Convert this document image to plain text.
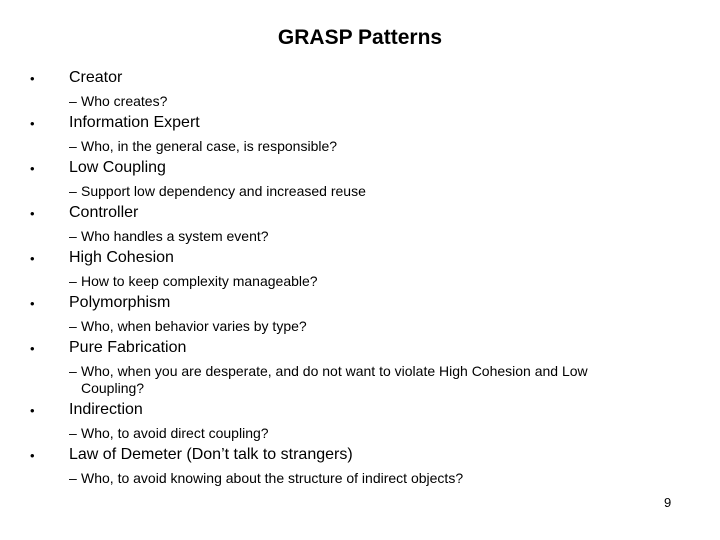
GRASP Patterns
• Creator
– Who creates?
• Information Expert
– Who, in the general case, is responsible?
• Low Coupling
– Support low dependency and increased reuse
• Controller
– Who handles a system event?
• High Cohesion
– How to keep complexity manageable?
• Polymorphism
– Who, when behavior varies by type?
• Pure Fabrication
– Who, when you are desperate, and do not want to violate High Cohesion and Low Coupling?
• Indirection
– Who, to avoid direct coupling?
• Law of Demeter (Don’t talk to strangers)
– Who, to avoid knowing about the structure of indirect objects?
9
